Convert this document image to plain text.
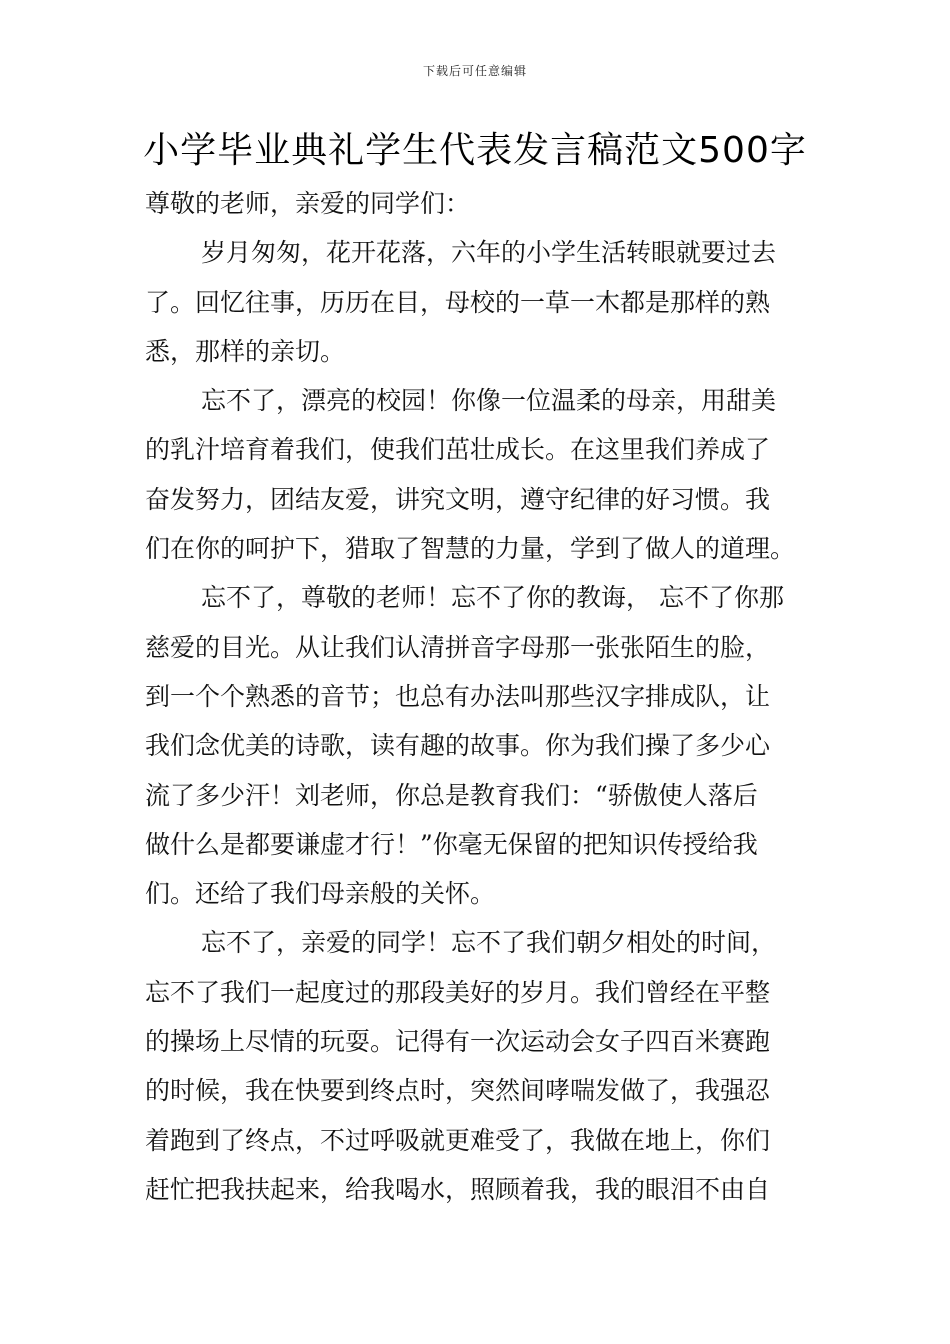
下载后可任意编辑
小学毕业典礼学生代表发言稿范文500字
尊敬的老师，亲爱的同学们：
岁月匆匆，花开花落，六年的小学生活转眼就要过去
了。回忆往事，历历在目，母校的一草一木都是那样的熟
悉，那样的亲切。
忘不了，漂亮的校园！你像一位温柔的母亲，用甜美
的乳汁培育着我们，使我们茁壮成长。在这里我们养成了
奋发努力，团结友爱，讲究文明，遵守纪律的好习惯。我
们在你的呵护下，猎取了智慧的力量，学到了做人的道理。
忘不了，尊敬的老师！忘不了你的教诲， 忘不了你那
慈爱的目光。从让我们认清拼音字母那一张张陌生的脸，
到一个个熟悉的音节；也总有办法叫那些汉字排成队，让
我们念优美的诗歌，读有趣的故事。你为我们操了多少心
流了多少汗！刘老师，你总是教育我们：“骄傲使人落后
做什么是都要谦虚才行！”你毫无保留的把知识传授给我
们。还给了我们母亲般的关怀。
忘不了，亲爱的同学！忘不了我们朝夕相处的时间，
忘不了我们一起度过的那段美好的岁月。我们曾经在平整
的操场上尽情的玩耍。记得有一次运动会女子四百米赛跑
的时候，我在快要到终点时，突然间哮喘发做了，我强忍
着跑到了终点，不过呼吸就更难受了，我做在地上，你们
赶忙把我扶起来，给我喝水，照顾着我，我的眼泪不由自
